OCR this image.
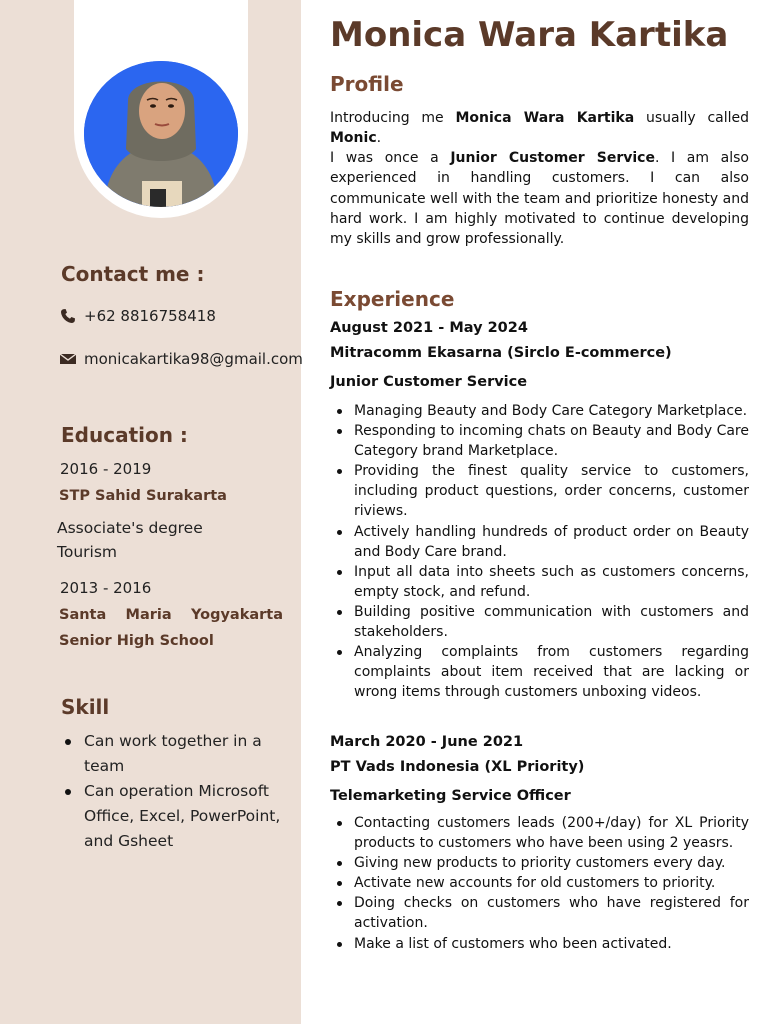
Contact me :
+62 8816758418
monicakartika98@gmail.com
Education :
2016 - 2019
STP Sahid Surakarta
Associate's degree Tourism
2013 - 2016
Santa Maria Yogyakarta Senior High School
Skill
Can work together in a team
Can operation Microsoft Office, Excel, PowerPoint, and Gsheet
Monica Wara Kartika
Profile
Introducing me Monica Wara Kartika usually called Monic.
I was once a Junior Customer Service. I am also experienced in handling customers. I can also communicate well with the team and prioritize honesty and hard work. I am highly motivated to continue developing my skills and grow professionally.
Experience
August 2021 - May 2024
Mitracomm Ekasarna (Sirclo E-commerce)
Junior Customer Service
Managing Beauty and Body Care Category Marketplace.
Responding to incoming chats on Beauty and Body Care Category brand Marketplace.
Providing the finest quality service to customers, including product questions, order concerns, customer riviews.
Actively handling hundreds of product order on Beauty and Body Care brand.
Input all data into sheets such as customers concerns, empty stock, and refund.
Building positive communication with customers and stakeholders.
Analyzing complaints from customers regarding complaints about item received that are lacking or wrong items through customers unboxing videos.
March 2020 - June 2021
PT Vads Indonesia (XL Priority)
Telemarketing Service Officer
Contacting customers leads (200+/day) for XL Priority products to customers who have been using 2 yeasrs.
Giving new products to priority customers every day.
Activate new accounts for old customers to priority.
Doing checks on customers who have registered for activation.
Make a list of customers who been activated.
